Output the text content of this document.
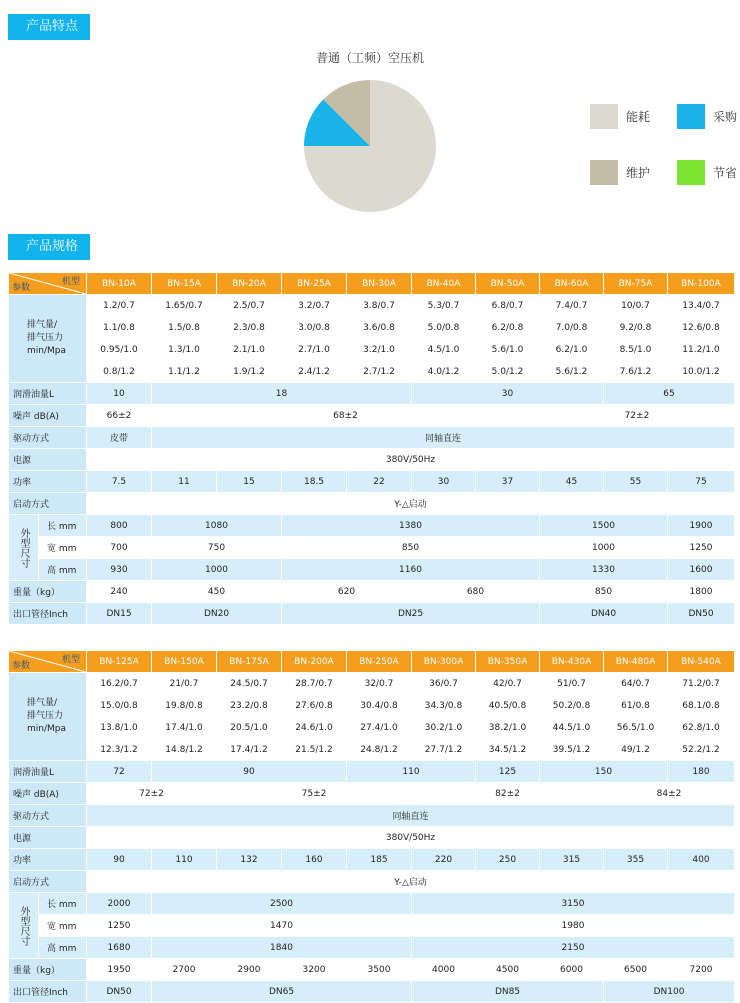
产品特点
普通（工频）空压机
能耗	采购
维护	节省
产品规格
机型
参数		BN-10A	BN-15A	BN-20A	BN-25A	BN-30A	BN-40A	BN-50A	BN-60A	BN-75A	BN-100A	
排气量/
排气压力
min/Mpa		1.2/0.7	1.65/0.7	2.5/0.7	3.2/0.7	3.8/0.7	5.3/0.7	6.8/0.7	7.4/0.7	10/0.7	13.4/0.7	
		1.1/0.8	1.5/0.8	2.3/0.8	3.0/0.8	3.6/0.8	5.0/0.8	6.2/0.8	7.0/0.8	9.2/0.8	12.6/0.8	
		0.95/1.0	1.3/1.0	2.1/1.0	2.7/1.0	3.2/1.0	4.5/1.0	5.6/1.0	6.2/1.0	8.5/1.0	11.2/1.0	
		0.8/1.2	1.1/1.2	1.9/1.2	2.4/1.2	2.7/1.2	4.0/1.2	5.0/1.2	5.6/1.2	7.6/1.2	10.0/1.2	
润滑油量L		10	18				30			65		
噪声 dB(A)		66±2	68±2						72±2			
驱动方式		皮带	同轴直连									
电源		380V/50Hz										
功率		7.5	11	15	18.5	22	30	37	45	55	75	
启动方式		Y-△启动										
外型尺寸	长 mm	800	1080		1380				1500		1900	
	宽 mm	700	750		850				1000		1250	
	高 mm	930	1000		1160				1330		1600	
重量（kg）		240	450		620		680		850		1800	
出口管径Inch		DN15	DN20		DN25				DN40		DN50	
机型
参数		BN-125A	BN-150A	BN-175A	BN-200A	BN-250A	BN-300A	BN-350A	BN-430A	BN-480A	BN-540A
排气量/
排气压力
min/Mpa		16.2/0.7	21/0.7	24.5/0.7	28.7/0.7	32/0.7	36/0.7	42/0.7	51/0.7	64/0.7	71.2/0.7
		15.0/0.8	19.8/0.8	23.2/0.8	27.6/0.8	30.4/0.8	34.3/0.8	40.5/0.8	50.2/0.8	61/0.8	68.1/0.8
		13.8/1.0	17.4/1.0	20.5/1.0	24.6/1.0	27.4/1.0	30.2/1.0	38.2/1.0	44.5/1.0	56.5/1.0	62.8/1.0
		12.3/1.2	14.8/1.2	17.4/1.2	21.5/1.2	24.8/1.2	27.7/1.2	34.5/1.2	39.5/1.2	49/1.2	52.2/1.2
润滑油量L		72	90			110		125	150		180
噪声 dB(A)		72±2		75±2			82±2			84±2	
驱动方式		同轴直连									
电源		380V/50Hz									
功率		90	110	132	160	185	220	250	315	355	400
启动方式		Y-△启动									
外型尺寸	长 mm	2000	2500				3150				
	宽 mm	1250	1470				1980				
	高 mm	1680	1840				2150				
重量（kg）		1950	2700	2900	3200	3500	4000	4500	6000	6500	7200
出口管径Inch		DN50	DN65				DN85			DN100	
